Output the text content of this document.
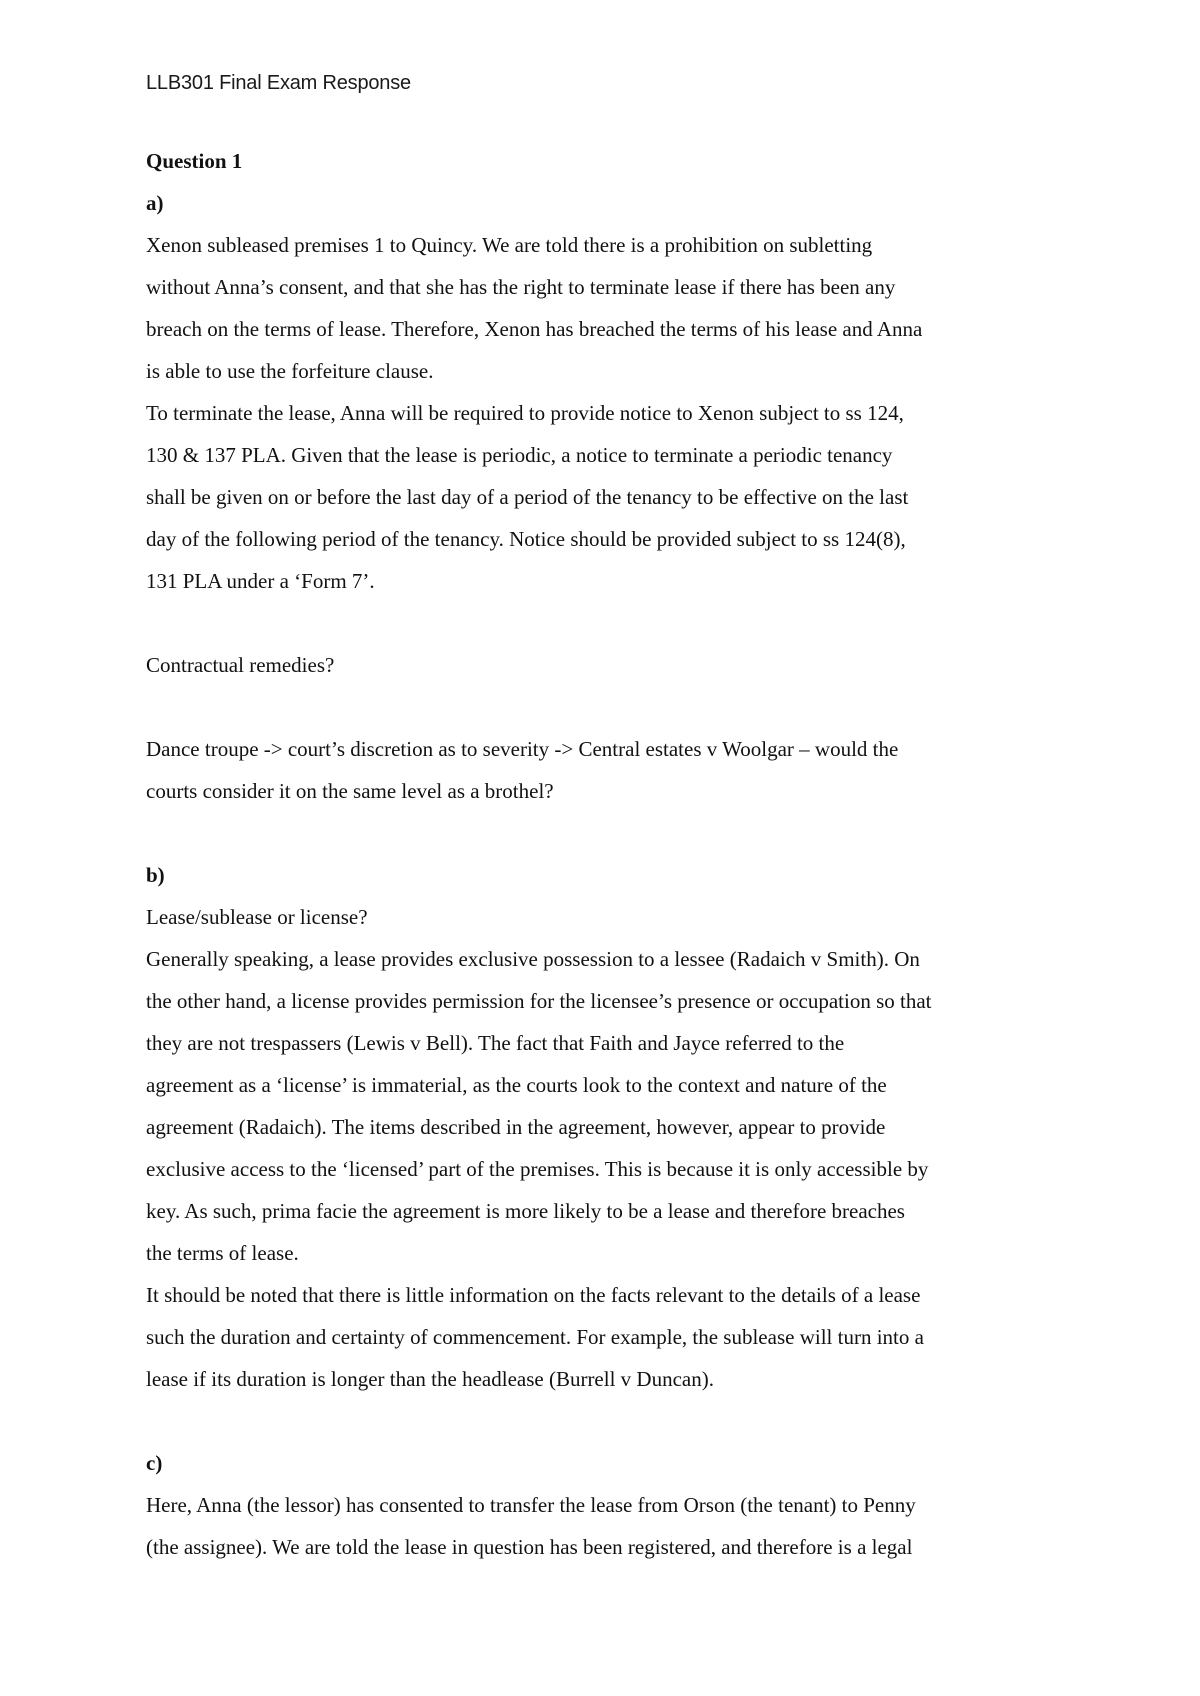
LLB301 Final Exam Response

Question 1

a)

Xenon subleased premises 1 to Quincy. We are told there is a prohibition on subletting

without Anna’s consent, and that she has the right to terminate lease if there has been any

breach on the terms of lease. Therefore, Xenon has breached the terms of his lease and Anna

is able to use the forfeiture clause.

To terminate the lease, Anna will be required to provide notice to Xenon subject to ss 124,

130 & 137 PLA. Given that the lease is periodic, a notice to terminate a periodic tenancy

shall be given on or before the last day of a period of the tenancy to be effective on the last

day of the following period of the tenancy. Notice should be provided subject to ss 124(8),

131 PLA under a ‘Form 7’.

Contractual remedies?

Dance troupe -> court’s discretion as to severity -> Central estates v Woolgar – would the

courts consider it on the same level as a brothel?

b)

Lease/sublease or license?

Generally speaking, a lease provides exclusive possession to a lessee (Radaich v Smith). On

the other hand, a license provides permission for the licensee’s presence or occupation so that

they are not trespassers (Lewis v Bell). The fact that Faith and Jayce referred to the

agreement as a ‘license’ is immaterial, as the courts look to the context and nature of the

agreement (Radaich). The items described in the agreement, however, appear to provide

exclusive access to the ‘licensed’ part of the premises. This is because it is only accessible by

key. As such, prima facie the agreement is more likely to be a lease and therefore breaches

the terms of lease.

It should be noted that there is little information on the facts relevant to the details of a lease

such the duration and certainty of commencement. For example, the sublease will turn into a

lease if its duration is longer than the headlease (Burrell v Duncan).

c)

Here, Anna (the lessor) has consented to transfer the lease from Orson (the tenant) to Penny

(the assignee). We are told the lease in question has been registered, and therefore is a legal
